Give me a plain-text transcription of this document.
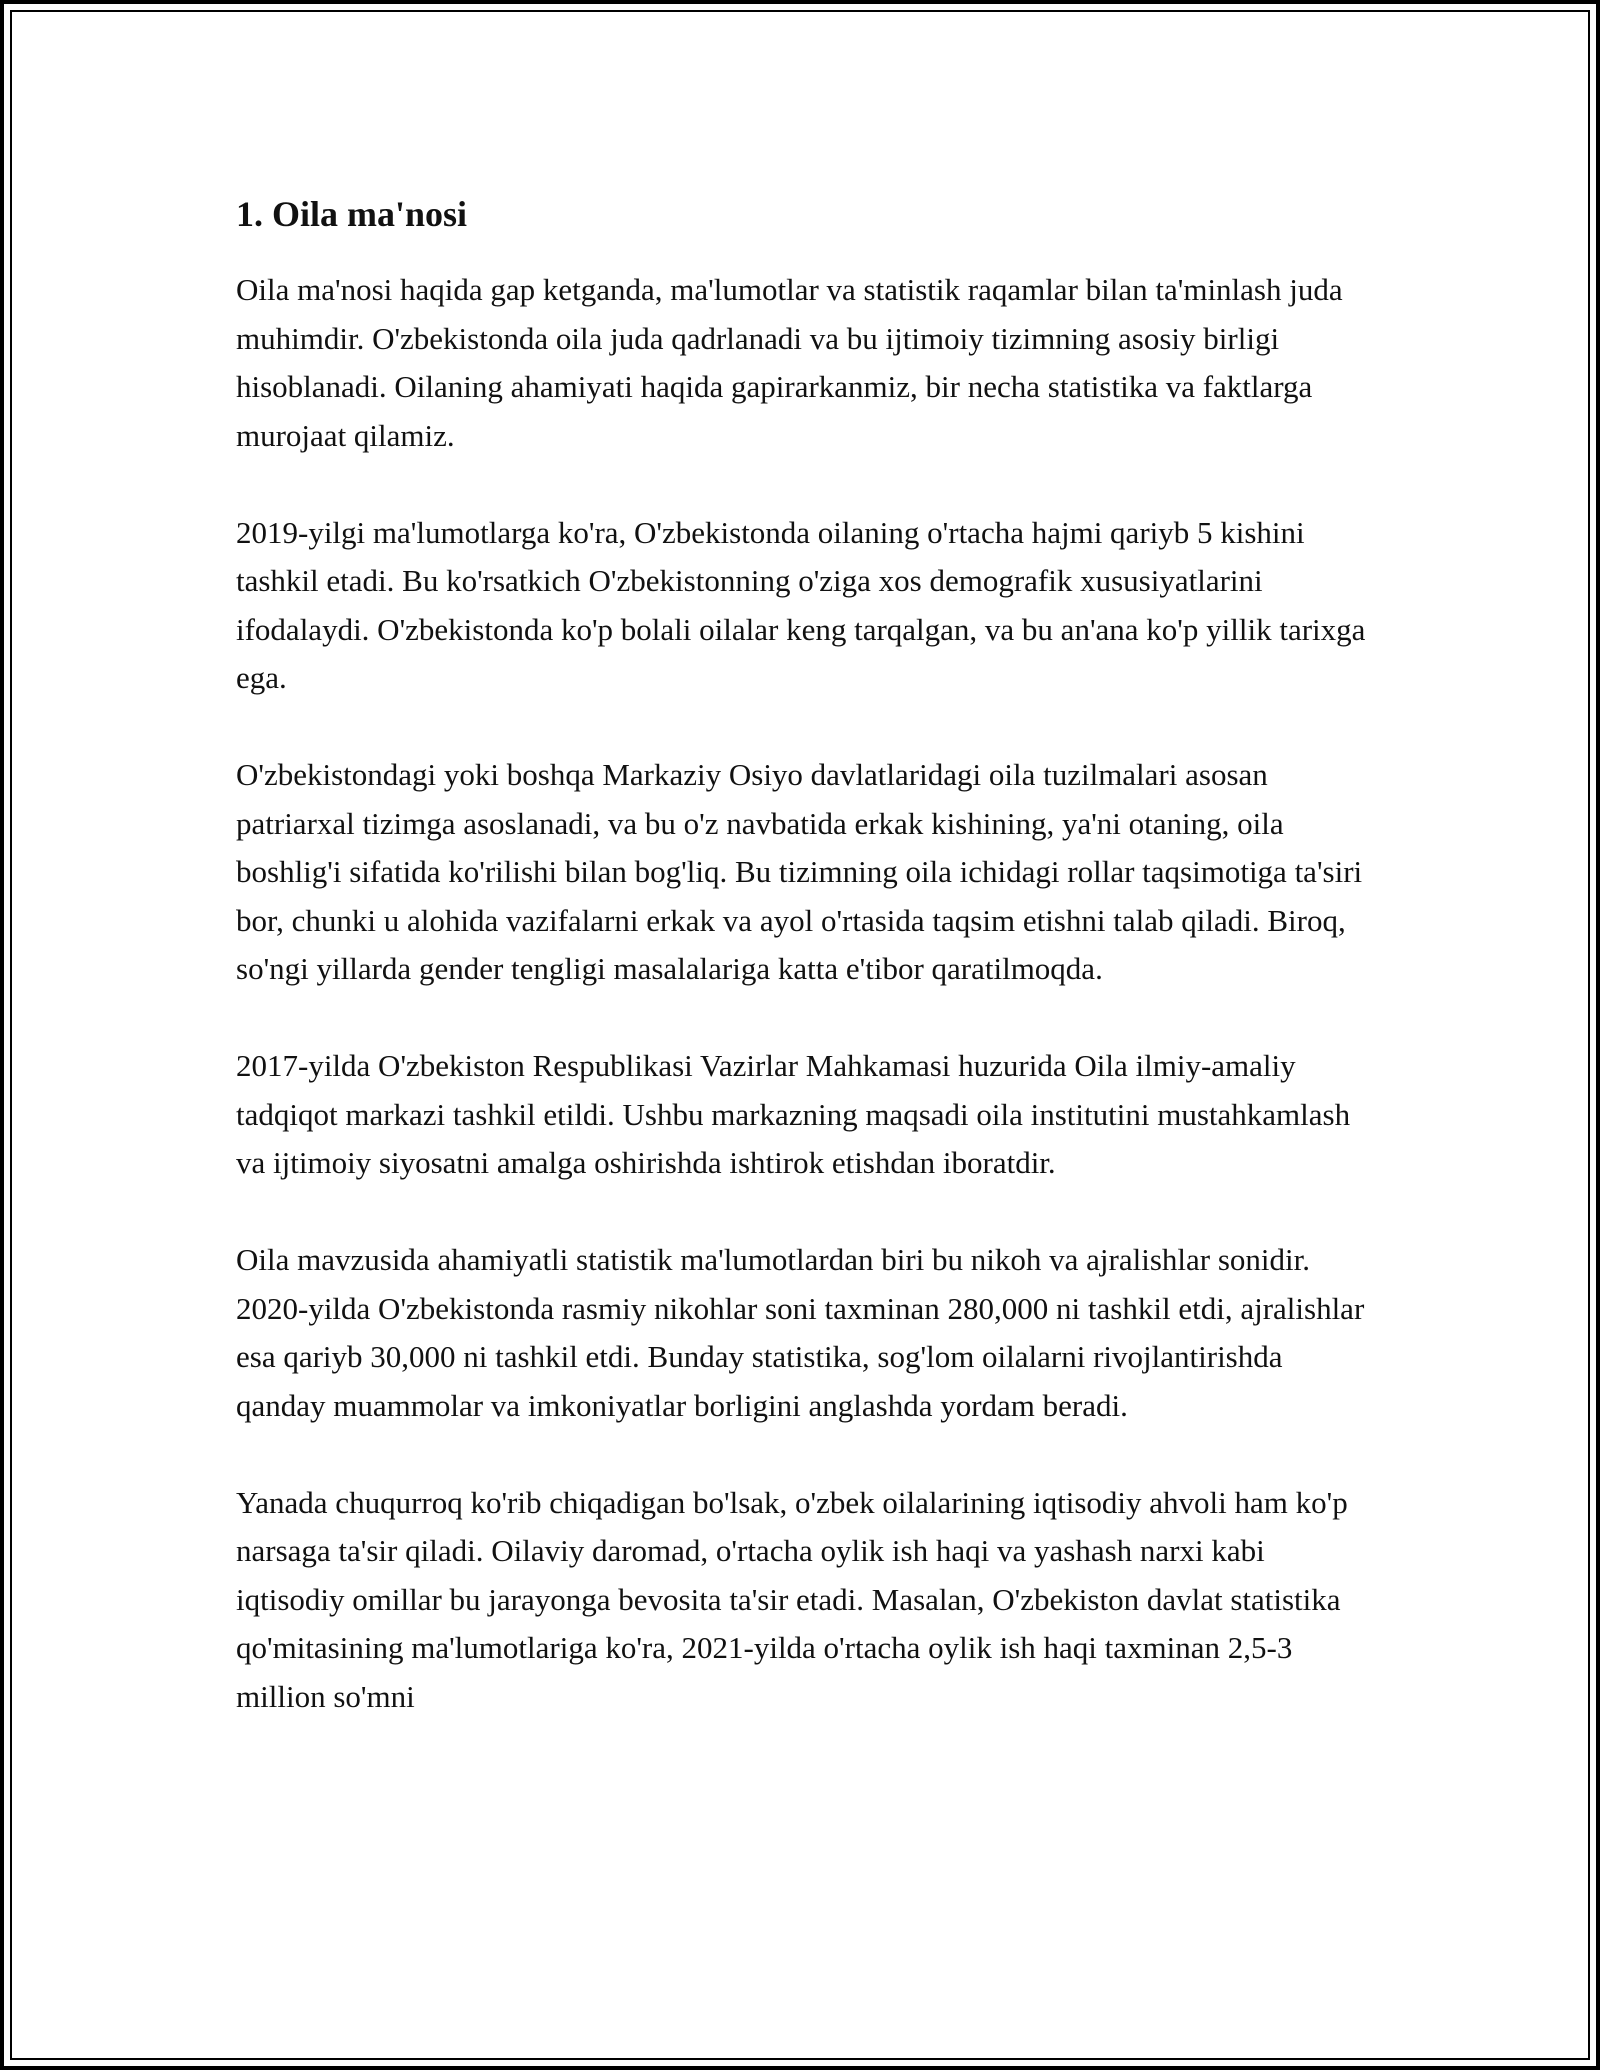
1. Oila ma'nosi

Oila ma'nosi haqida gap ketganda, ma'lumotlar va statistik raqamlar bilan ta'minlash juda muhimdir. O'zbekistonda oila juda qadrlanadi va bu ijtimoiy tizimning asosiy birligi hisoblanadi. Oilaning ahamiyati haqida gapirarkanmiz, bir necha statistika va faktlarga murojaat qilamiz.

2019-yilgi ma'lumotlarga ko'ra, O'zbekistonda oilaning o'rtacha hajmi qariyb 5 kishini tashkil etadi. Bu ko'rsatkich O'zbekistonning o'ziga xos demografik xususiyatlarini ifodalaydi. O'zbekistonda ko'p bolali oilalar keng tarqalgan, va bu an'ana ko'p yillik tarixga ega.

O'zbekistondagi yoki boshqa Markaziy Osiyo davlatlaridagi oila tuzilmalari asosan patriarxal tizimga asoslanadi, va bu o'z navbatida erkak kishining, ya'ni otaning, oila boshlig'i sifatida ko'rilishi bilan bog'liq. Bu tizimning oila ichidagi rollar taqsimotiga ta'siri bor, chunki u alohida vazifalarni erkak va ayol o'rtasida taqsim etishni talab qiladi. Biroq, so'ngi yillarda gender tengligi masalalariga katta e'tibor qaratilmoqda.

2017-yilda O'zbekiston Respublikasi Vazirlar Mahkamasi huzurida Oila ilmiy-amaliy tadqiqot markazi tashkil etildi. Ushbu markazning maqsadi oila institutini mustahkamlash va ijtimoiy siyosatni amalga oshirishda ishtirok etishdan iboratdir.

Oila mavzusida ahamiyatli statistik ma'lumotlardan biri bu nikoh va ajralishlar sonidir. 2020-yilda O'zbekistonda rasmiy nikohlar soni taxminan 280,000 ni tashkil etdi, ajralishlar esa qariyb 30,000 ni tashkil etdi. Bunday statistika, sog'lom oilalarni rivojlantirishda qanday muammolar va imkoniyatlar borligini anglashda yordam beradi.

Yanada chuqurroq ko'rib chiqadigan bo'lsak, o'zbek oilalarining iqtisodiy ahvoli ham ko'p narsaga ta'sir qiladi. Oilaviy daromad, o'rtacha oylik ish haqi va yashash narxi kabi iqtisodiy omillar bu jarayonga bevosita ta'sir etadi. Masalan, O'zbekiston davlat statistika qo'mitasining ma'lumotlariga ko'ra, 2021-yilda o'rtacha oylik ish haqi taxminan 2,5-3 million so'mni
